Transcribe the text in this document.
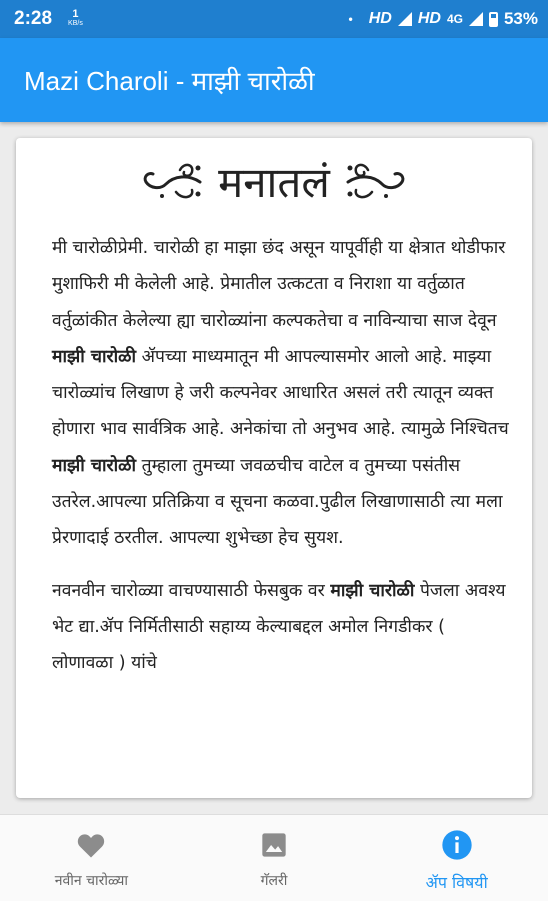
2:28 1
KB/s	• HD HD 4G 53%
Mazi Charoli - माझी चारोळी
मनातलं

मी चारोळीप्रेमी. चारोळी हा माझा छंद असून यापूर्वीही या क्षेत्रात थोडीफार मुशाफिरी मी केलेली आहे. प्रेमातील उत्कटता व निराशा या वर्तुळात वर्तुळांकीत केलेल्या ह्या चारोळ्यांना कल्पकतेचा व नाविन्याचा साज देवून माझी चारोळी ॲपच्या माध्यमातून मी आपल्यासमोर आलो आहे. माझ्या चारोळ्यांच लिखाण हे जरी कल्पनेवर आधारित असलं तरी त्यातून व्यक्त होणारा भाव सार्वत्रिक आहे. अनेकांचा तो अनुभव आहे. त्यामुळे निश्चितच माझी चारोळी तुम्हाला तुमच्या जवळचीच वाटेल व तुमच्या पसंतीस उतरेल.आपल्या प्रतिक्रिया व सूचना कळवा.पुढील लिखाणासाठी त्या मला प्रेरणादाई ठरतील. आपल्या शुभेच्छा हेच सुयश.

नवनवीन चारोळ्या वाचण्यासाठी फेसबुक वर माझी चारोळी पेजला अवश्य भेट द्या.ॲप निर्मितीसाठी सहाय्य केल्याबद्दल अमोल निगडीकर ( लोणावळा ) यांचे

नवीन चारोळ्या	गॅलरी	ॲप विषयी
